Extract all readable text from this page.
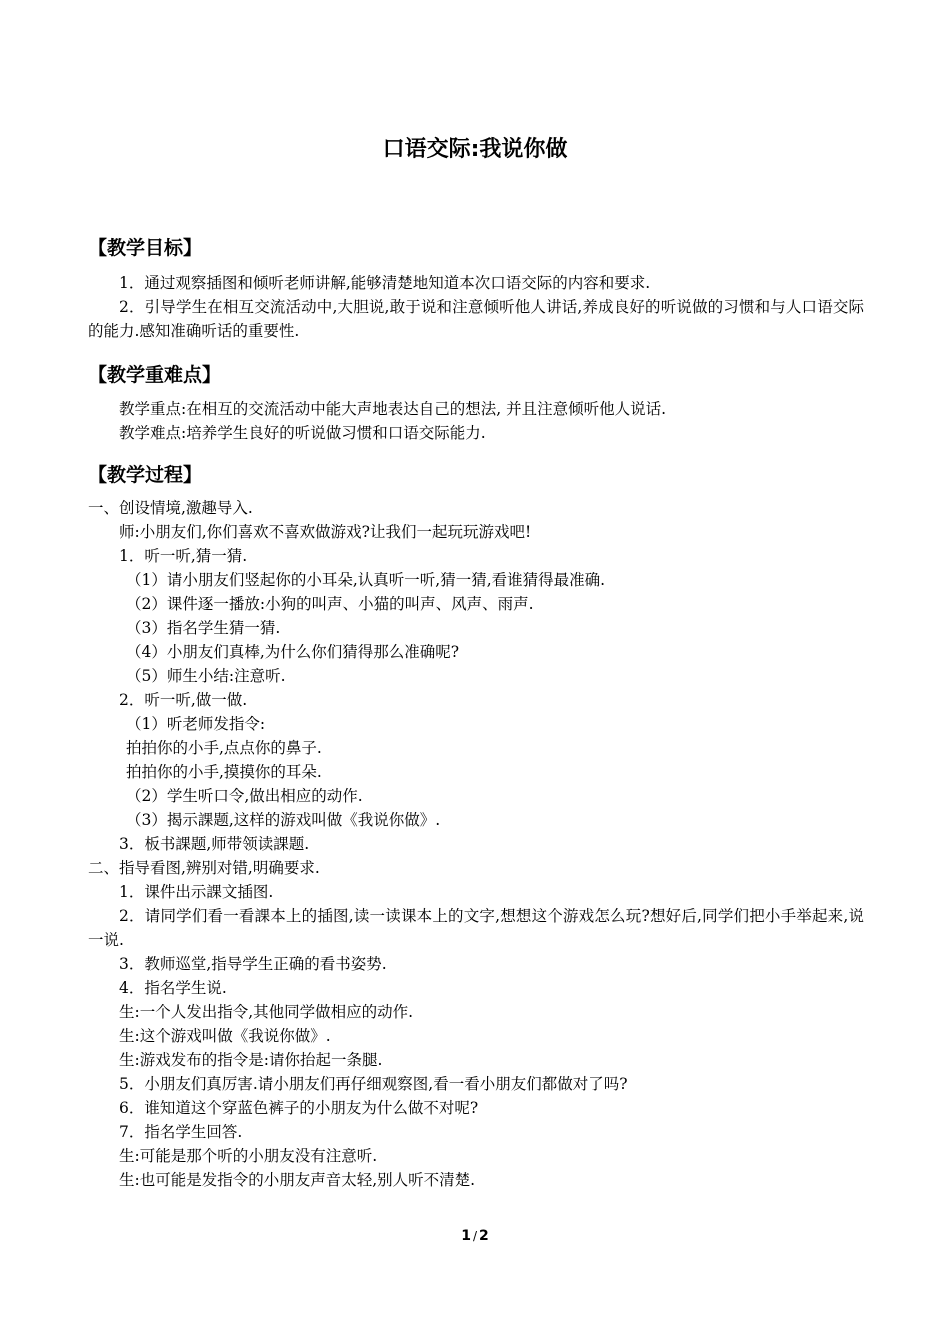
口语交际:我说你做
【教学目标】

1．通过观察插图和倾听老师讲解,能够清楚地知道本次口语交际的内容和要求.

2．引导学生在相互交流活动中,大胆说,敢于说和注意倾听他人讲话,养成良好的听说做的习惯和与人口语交际的能力.感知准确听话的重要性.

【教学重难点】

教学重点:在相互的交流活动中能大声地表达自己的想法, 并且注意倾听他人说话.

教学难点:培养学生良好的听说做习惯和口语交际能力.

【教学过程】

一、创设情境,激趣导入.

师:小朋友们,你们喜欢不喜欢做游戏?让我们一起玩玩游戏吧!

1．听一听,猜一猜.

（1）请小朋友们竖起你的小耳朵,认真听一听,猜一猜,看谁猜得最准确.

（2）课件逐一播放:小狗的叫声、小猫的叫声、风声、雨声.

（3）指名学生猜一猜.

（4）小朋友们真棒,为什么你们猜得那么准确呢?

（5）师生小结:注意听.

2．听一听,做一做.

（1）听老师发指令:

拍拍你的小手,点点你的鼻子.

拍拍你的小手,摸摸你的耳朵.

（2）学生听口令,做出相应的动作.

（3）揭示課题,这样的游戏叫做《我说你做》.

3．板书課题,师带领读課题.

二、指导看图,辨别对错,明确要求.

1．课件出示課文插图.

2．请同学们看一看課本上的插图,读一读课本上的文字,想想这个游戏怎么玩?想好后,同学们把小手举起来,说一说.

3．教师巡堂,指导学生正确的看书姿势.

4．指名学生说.

生:一个人发出指令,其他同学做相应的动作.

生:这个游戏叫做《我说你做》.

生:游戏发布的指令是:请你抬起一条腿.

5．小朋友们真厉害.请小朋友们再仔细观察图,看一看小朋友们都做对了吗?

6．谁知道这个穿蓝色裤子的小朋友为什么做不对呢?

7．指名学生回答.

生:可能是那个听的小朋友没有注意听.

生:也可能是发指令的小朋友声音太轻,别人听不清楚.

1 / 2
